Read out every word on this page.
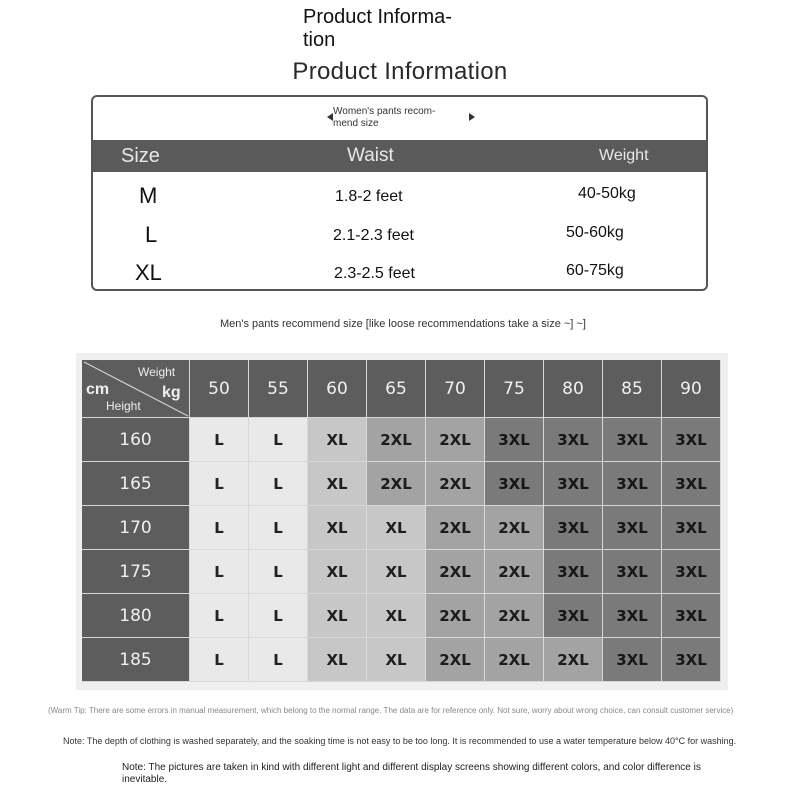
Product Informa-
tion
Product Information
Women's pants recom-
mend size
Size	Waist	Weight
M	1.8-2 feet	40-50kg
L	2.1-2.3 feet	50-60kg
XL	2.3-2.5 feet	60-75kg
Men's pants recommend size [like loose recommendations take a size ~] ~]
Weight
cm	kg
Height
50	55	60	65	70	75	80	85	90
160	L	L	XL	2XL	2XL	3XL	3XL	3XL	3XL
165	L	L	XL	2XL	2XL	3XL	3XL	3XL	3XL
170	L	L	XL	XL	2XL	2XL	3XL	3XL	3XL
175	L	L	XL	XL	2XL	2XL	3XL	3XL	3XL
180	L	L	XL	XL	2XL	2XL	3XL	3XL	3XL
185	L	L	XL	XL	2XL	2XL	2XL	3XL	3XL
(Warm Tip: There are some errors in manual measurement, which belong to the normal range. The data are for reference only. Not sure, worry about wrong choice, can consult customer service)
Note: The depth of clothing is washed separately, and the soaking time is not easy to be too long. It is recommended to use a water temperature below 40°C for washing.
Note: The pictures are taken in kind with different light and different display screens showing different colors, and color difference is inevitable.
